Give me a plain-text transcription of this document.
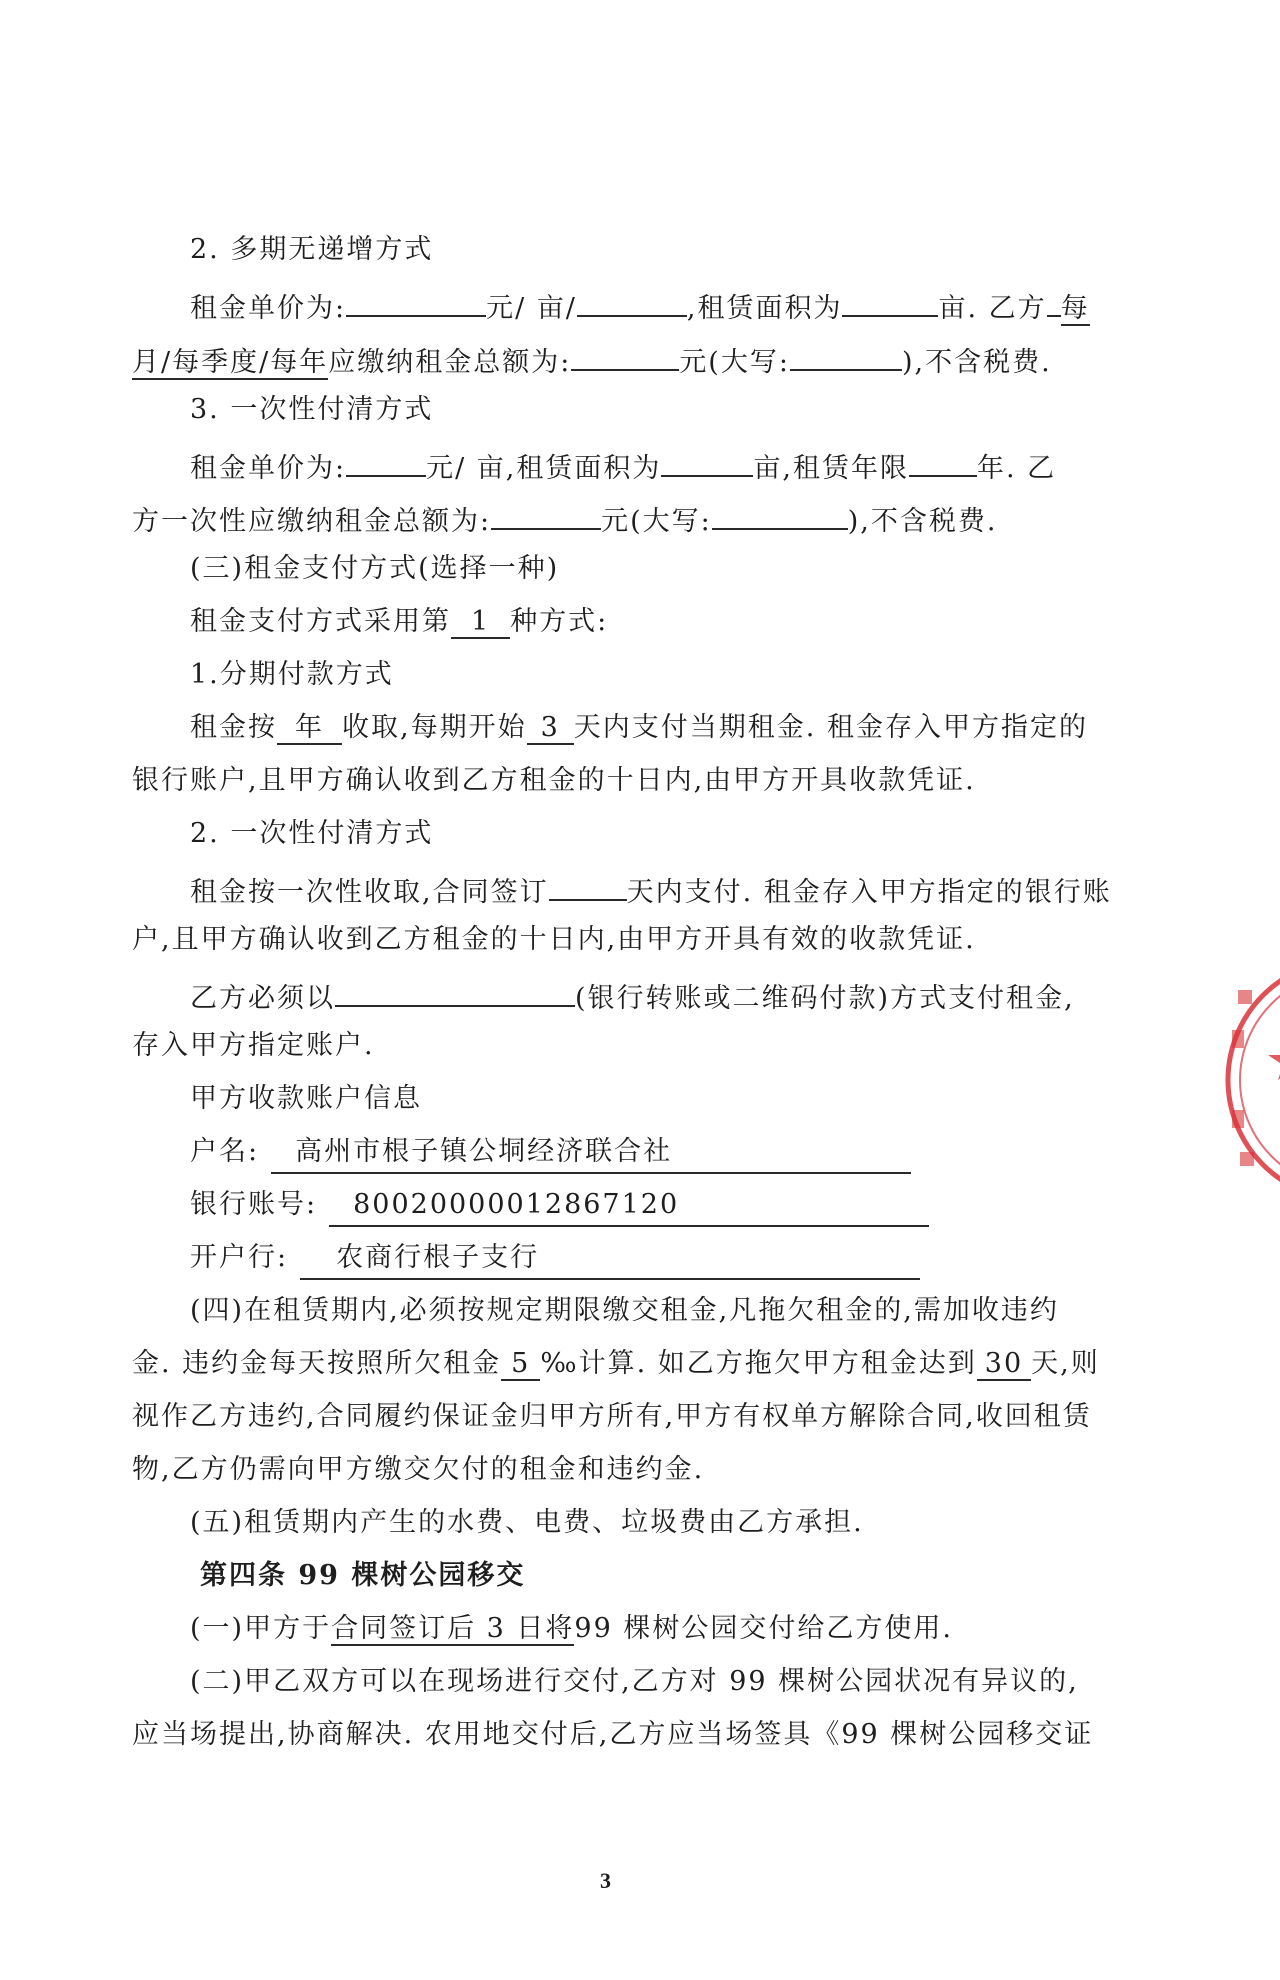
2. 多期无递增方式
租金单价为:	元/ 亩/	,租赁面积为	亩. 乙方 每
月/每季度/每年应缴纳租金总额为:	元(大写:	),不含税费.
3. 一次性付清方式
租金单价为:	元/ 亩,租赁面积为	亩,租赁年限	年. 乙
方一次性应缴纳租金总额为:	元(大写:	),不含税费.
(三)租金支付方式(选择一种)
租金支付方式采用第 1 种方式:
1.分期付款方式
租金按 年 收取,每期开始 3 天内支付当期租金. 租金存入甲方指定的
银行账户,且甲方确认收到乙方租金的十日内,由甲方开具收款凭证.
2. 一次性付清方式
租金按一次性收取,合同签订	天内支付. 租金存入甲方指定的银行账
户,且甲方确认收到乙方租金的十日内,由甲方开具有效的收款凭证.
乙方必须以	(银行转账或二维码付款)方式支付租金,
存入甲方指定账户.
甲方收款账户信息
户名: 高州市根子镇公垌经济联合社
银行账号: 80020000012867120
开户行: 农商行根子支行
(四)在租赁期内,必须按规定期限缴交租金,凡拖欠租金的,需加收违约
金. 违约金每天按照所欠租金 5 ‰计算. 如乙方拖欠甲方租金达到 30 天,则
视作乙方违约,合同履约保证金归甲方所有,甲方有权单方解除合同,收回租赁
物,乙方仍需向甲方缴交欠付的租金和违约金.
(五)租赁期内产生的水费、电费、垃圾费由乙方承担.
第四条 99 棵树公园移交
(一)甲方于合同签订后 3 日将99 棵树公园交付给乙方使用.
(二)甲乙双方可以在现场进行交付,乙方对 99 棵树公园状况有异议的,
应当场提出,协商解决. 农用地交付后,乙方应当场签具《99 棵树公园移交证
3
